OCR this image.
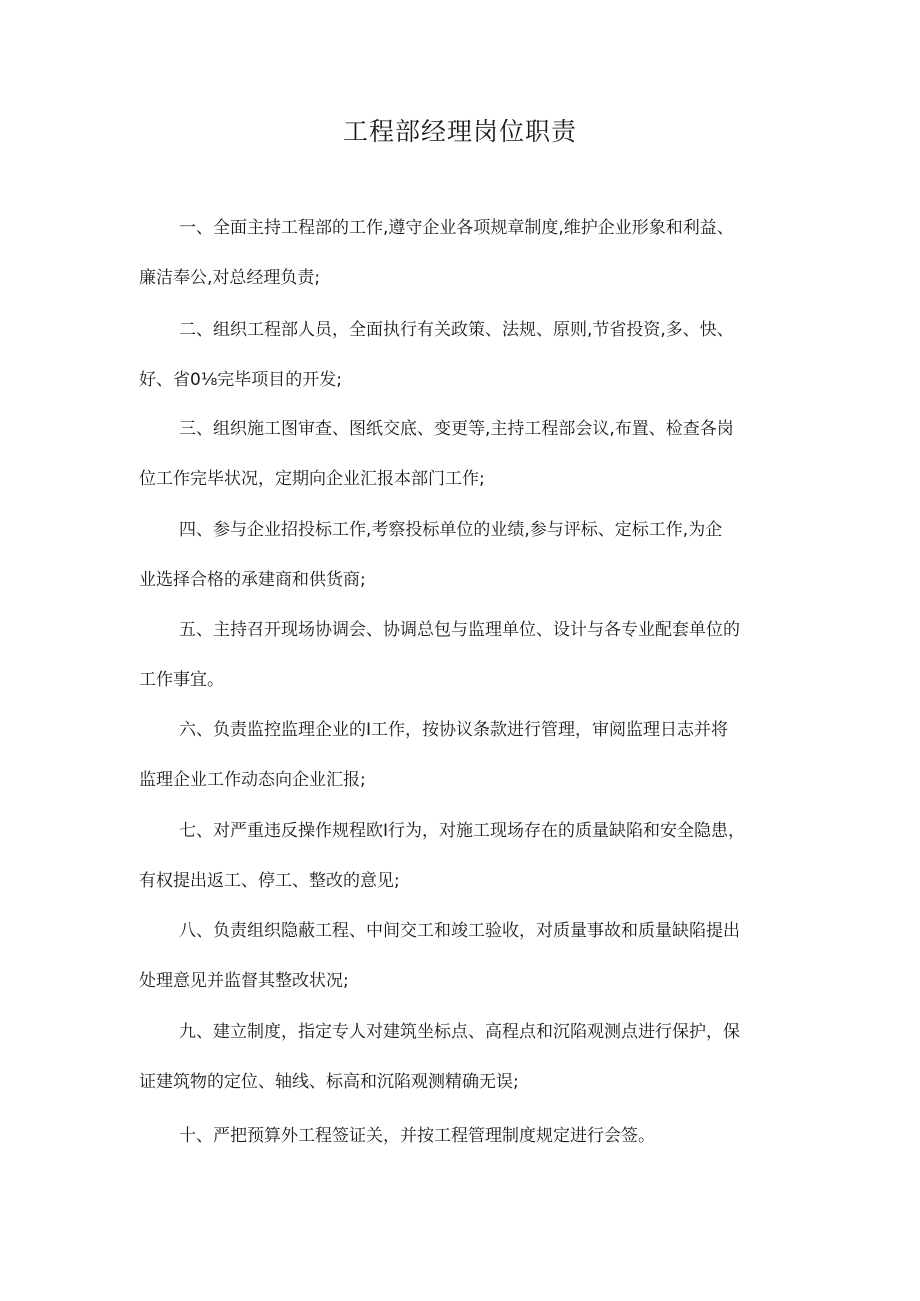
工程部经理岗位职责

一、全面主持工程部的工作,遵守企业各项规章制度,维护企业形象和利益、
廉洁奉公,对总经理负责;

二、组织工程部人员，全面执行有关政策、法规、原则,节省投资,多、快、
好、省0⅛完毕项目的开发;

三、组织施工图审查、图纸交底、变更等,主持工程部会议,布置、检查各岗
位工作完毕状况，定期向企业汇报本部门工作;

四、参与企业招投标工作,考察投标单位的业绩,参与评标、定标工作,为企
业选择合格的承建商和供货商;

五、主持召开现场协调会、协调总包与监理单位、设计与各专业配套单位的
工作事宜。

六、负责监控监理企业的I工作，按协议条款进行管理，审阅监理日志并将
监理企业工作动态向企业汇报;

七、对严重违反操作规程欧I行为，对施工现场存在的质量缺陷和安全隐患，
有权提出返工、停工、整改的意见;

八、负责组织隐蔽工程、中间交工和竣工验收，对质量事故和质量缺陷提出
处理意见并监督其整改状况;

九、建立制度，指定专人对建筑坐标点、高程点和沉陷观测点进行保护，保
证建筑物的定位、轴线、标高和沉陷观测精确无误;

十、严把预算外工程签证关，并按工程管理制度规定进行会签。
